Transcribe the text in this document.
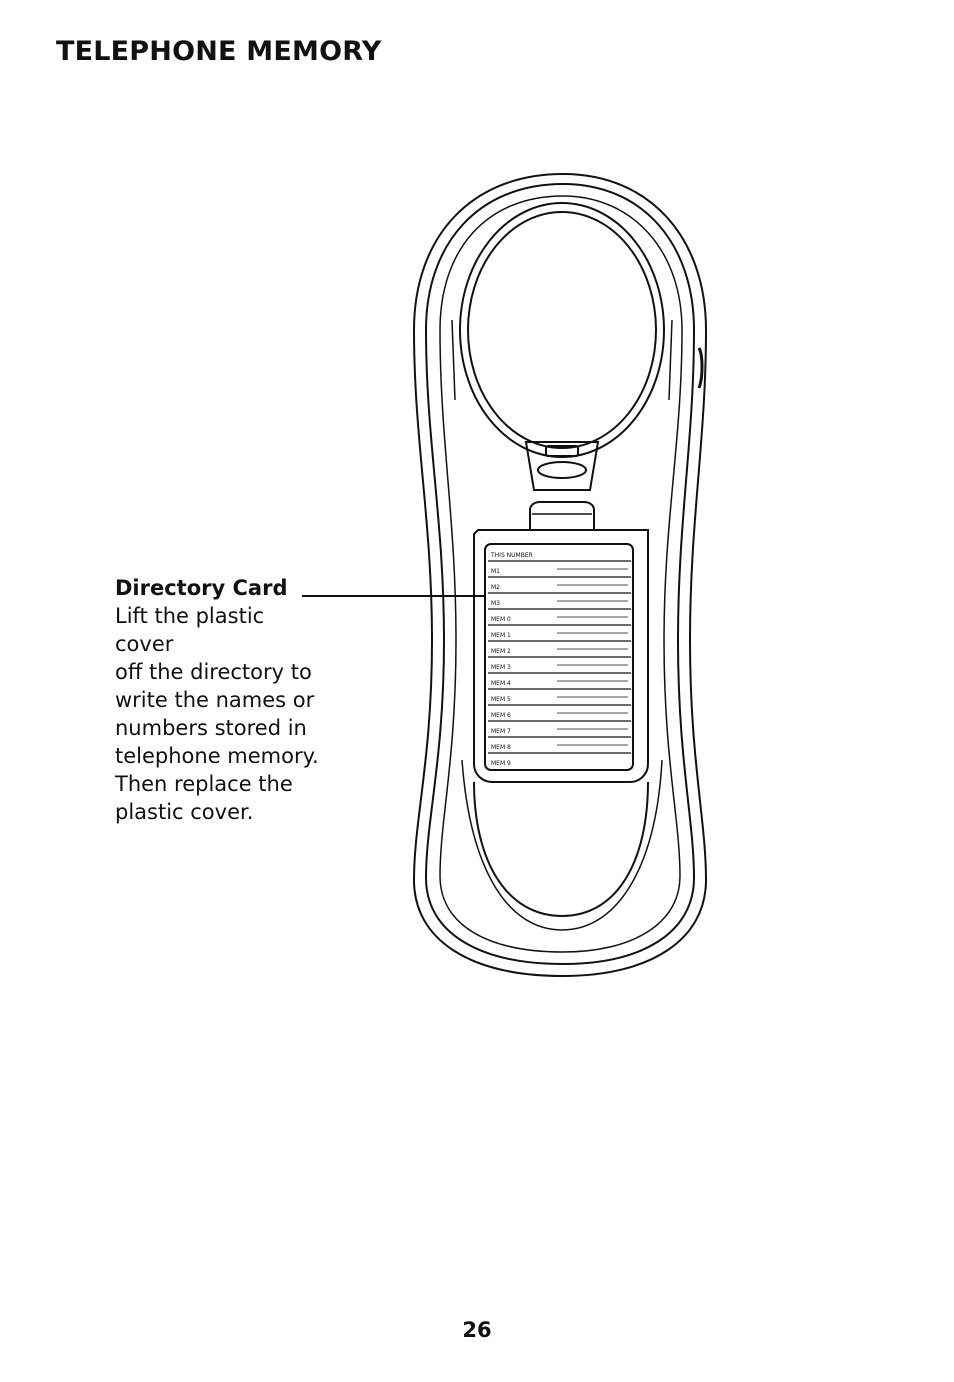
TELEPHONE MEMORY
Directory Card
Lift the plastic cover
off the directory to
write the names or
numbers stored in
telephone memory.
Then replace the
plastic cover.
THIS NUMBER
M1
M2
M3
MEM 0
MEM 1
MEM 2
MEM 3
MEM 4
MEM 5
MEM 6
MEM 7
MEM 8
MEM 9
26
